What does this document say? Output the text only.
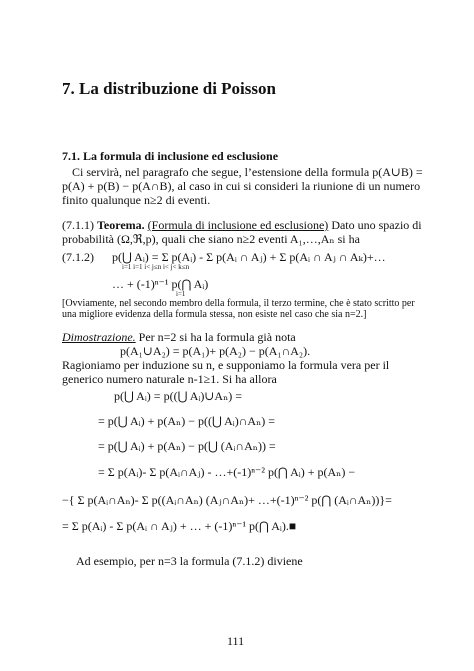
7. La distribuzione di Poisson
7.1. La formula di inclusione ed esclusione
Ci servirà, nel paragrafo che segue, l’estensione della formula p(A∪B) =
p(A) + p(B) − p(A∩B), al caso in cui si consideri la riunione di un numero
finito qualunque n≥2 di eventi.
(7.1.1) Teorema. (Formula di inclusione ed esclusione) Dato uno spazio di
probabilità (Ω,ℜ,p), quali che siano n≥2 eventi A₁,…,Aₙ si ha
(7.1.2) p(⋃ Aᵢ) = Σ p(Aᵢ) - Σ p(Aᵢ ∩ Aⱼ) + Σ p(Aᵢ ∩ Aⱼ ∩ Aₖ)+…
i=1 i=1 i< j≤n i< j< k≤n
… + (-1)ⁿ⁻¹ p(⋂ Aᵢ)
i=1
[Ovviamente, nel secondo membro della formula, il terzo termine, che è stato scritto per
una migliore evidenza della formula stessa, non esiste nel caso che sia n=2.]
Dimostrazione. Per n=2 si ha la formula già nota
p(A₁∪A₂) = p(A₁)+ p(A₂) − p(A₁∩A₂).
Ragioniamo per induzione su n, e supponiamo la formula vera per il
generico numero naturale n-1≥1. Si ha allora
p(⋃ Aᵢ) = p((⋃ Aᵢ)∪Aₙ) =
= p(⋃ Aᵢ) + p(Aₙ) − p((⋃ Aᵢ)∩Aₙ) =
= p(⋃ Aᵢ) + p(Aₙ) − p(⋃ (Aᵢ∩Aₙ)) =
= Σ p(Aᵢ)- Σ p(Aᵢ∩Aⱼ) - …+(-1)ⁿ⁻² p(⋂ Aᵢ) + p(Aₙ) −
−{ Σ p(Aᵢ∩Aₙ)- Σ p((Aᵢ∩Aₙ) (Aⱼ∩Aₙ)+ …+(-1)ⁿ⁻² p(⋂ (Aᵢ∩Aₙ))}=
= Σ p(Aᵢ) - Σ p(Aᵢ ∩ Aⱼ) + … + (-1)ⁿ⁻¹ p(⋂ Aᵢ).■
Ad esempio, per n=3 la formula (7.1.2) diviene
111
